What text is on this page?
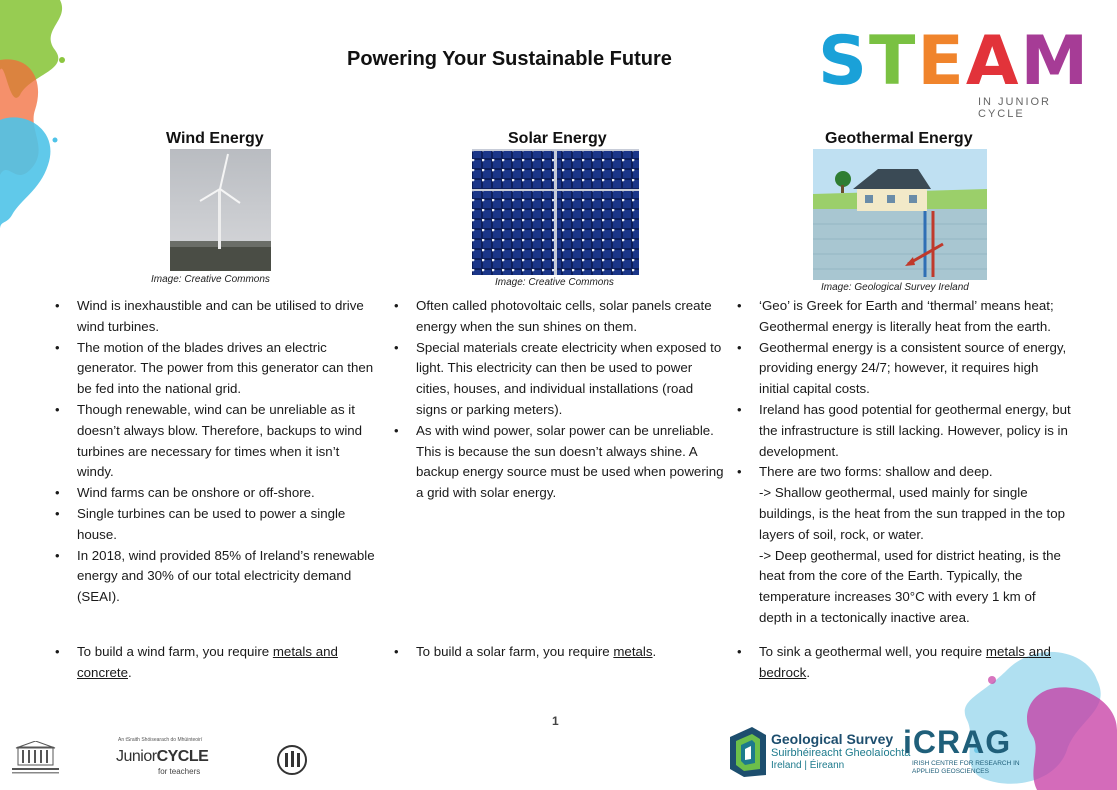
Powering Your Sustainable Future STEAM
IN JUNIOR CYCLE
Wind Energy
Image: Creative Commons
• Wind is inexhaustible and can be utilised to drive wind turbines.
• The motion of the blades drives an electric generator. The power from this generator can then be fed into the national grid.
• Though renewable, wind can be unreliable as it doesn’t always blow. Therefore, backups to wind turbines are necessary for times when it isn’t windy.
• Wind farms can be onshore or off-shore.
• Single turbines can be used to power a single house.
• In 2018, wind provided 85% of Ireland’s renewable energy and 30% of our total electricity demand (SEAI).
• To build a wind farm, you require metals and
concrete.
Solar Energy
Image: Creative Commons
• Often called photovoltaic cells, solar panels create energy when the sun shines on them.
• Special materials create electricity when exposed to light. This electricity can then be used to power cities, houses, and individual installations (road signs or parking meters).
• As with wind power, solar power can be unreliable. This is because the sun doesn’t always shine. A backup energy source must be used when powering a grid with solar energy.
• To build a solar farm, you require metals.
Geothermal Energy
Image: Geological Survey Ireland
• ‘Geo’ is Greek for Earth and ‘thermal’ means heat; Geothermal energy is literally heat from the earth.
• Geothermal energy is a consistent source of energy, providing energy 24/7; however, it requires high initial capital costs.
• Ireland has good potential for geothermal energy, but the infrastructure is still lacking. However, policy is in development.
• There are two forms: shallow and deep.
-> Shallow geothermal, used mainly for single buildings, is the heat from the sun trapped in the top layers of soil, rock, or water.
-> Deep geothermal, used for district heating, is the heat from the core of the Earth. Typically, the temperature increases 30°C with every 1 km of depth in a tectonically inactive area.
• To sink a geothermal well, you require metals and
bedrock.
1
An tSraith Shóisearach do Mhúinteoirí
JuniorCYCLE
for teachers
Geological Survey
Suirbhéireacht Gheolaíochta
Ireland | Éireann
iCRAG
IRISH CENTRE FOR RESEARCH IN APPLIED GEOSCIENCES
